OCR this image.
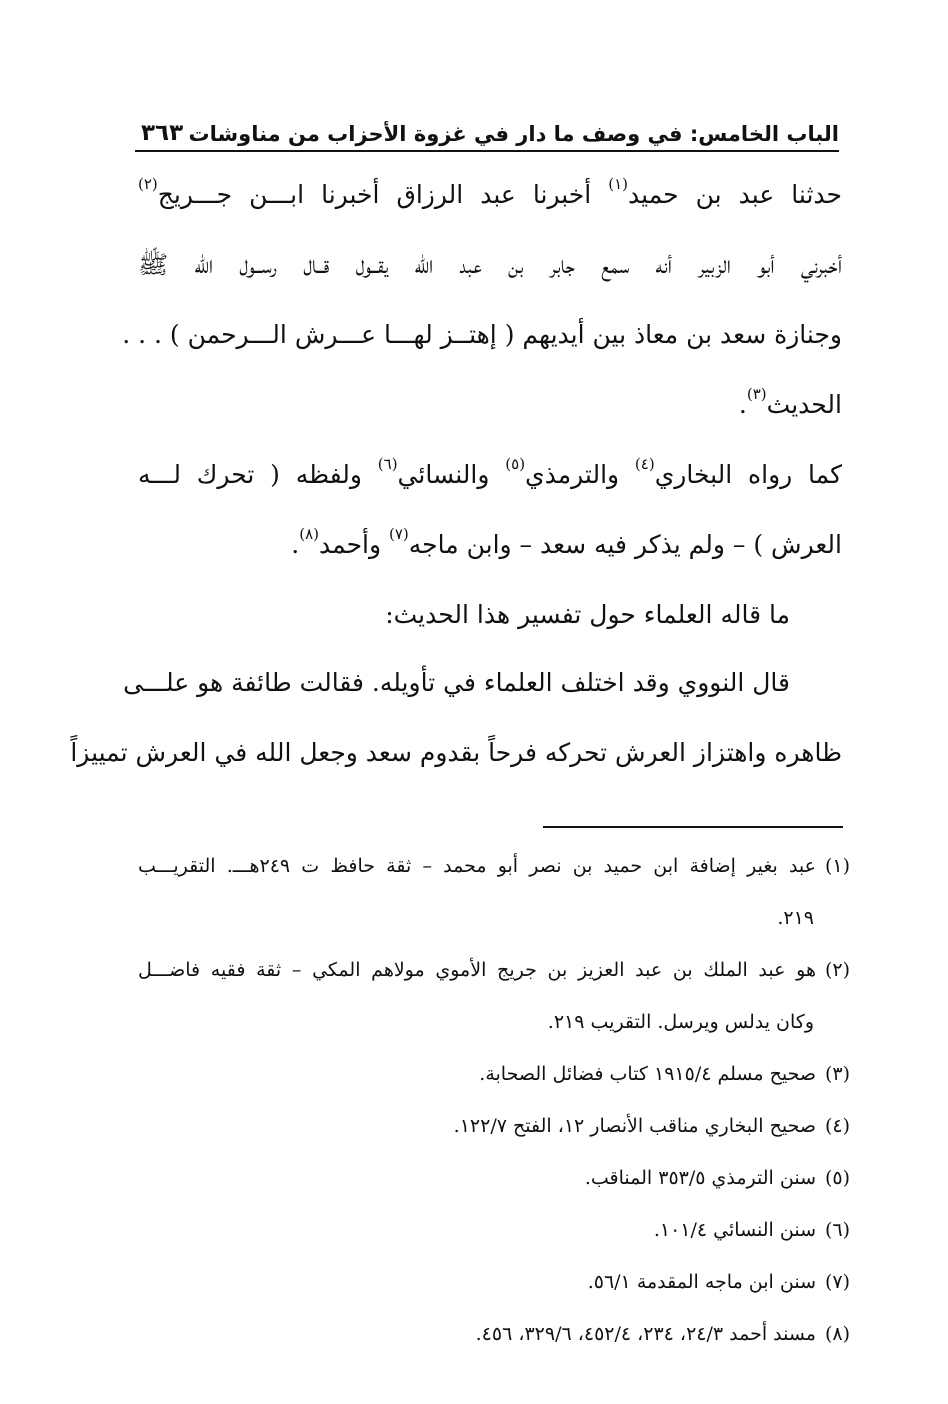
الباب الخامس: في وصف ما دار في غزوة الأحزاب من مناوشات
٣٦٣
حدثنا عبد بن حميد$^{(١)}$ أخبرنا عبد الرزاق أخبرنا ابـــن جـــريج$^{(٢)}$
أخبرني أبو الزبير أنه سمع جابر بن عبد الله يقــول قــال رســول الله ﷺ
وجنازة سعد بن معاذ بين أيديهم ( إهتــز لهـــا عـــرش الـــرحمن ) . . .
الحديث$^{(٣)}$.
كما رواه البخاري$^{(٤)}$ والترمذي$^{(٥)}$ والنسائي$^{(٦)}$ ولفظه ( تحرك لـــه
العرش ) – ولم يذكر فيه سعد – وابن ماجه$^{(٧)}$ وأحمد$^{(٨)}$.
ما قاله العلماء حول تفسير هذا الحديث:
قال النووي وقد اختلف العلماء في تأويله. فقالت طائفة هو علـــى
ظاهره واهتزاز العرش تحركه فرحاً بقدوم سعد وجعل الله في العرش تمييزاً
(١)عبد بغير إضافة ابن حميد بن نصر أبو محمد – ثقة حافظ ت ٢٤٩هـــ. التقريـــب
٢١٩.
(٢)هو عبد الملك بن عبد العزيز بن جريج الأموي مولاهم المكي – ثقة فقيه فاضـــل
وكان يدلس ويرسل. التقريب ٢١٩.
(٣)صحيح مسلم ١٩١٥/٤ كتاب فضائل الصحابة.
(٤)صحيح البخاري مناقب الأنصار ١٢، الفتح ١٢٢/٧.
(٥)سنن الترمذي ٣٥٣/٥ المناقب.
(٦)سنن النسائي ١٠١/٤.
(٧)سنن ابن ماجه المقدمة ٥٦/١.
(٨)مسند أحمد ٢٤/٣، ٢٣٤، ٤٥٢/٤، ٣٢٩/٦، ٤٥٦.
